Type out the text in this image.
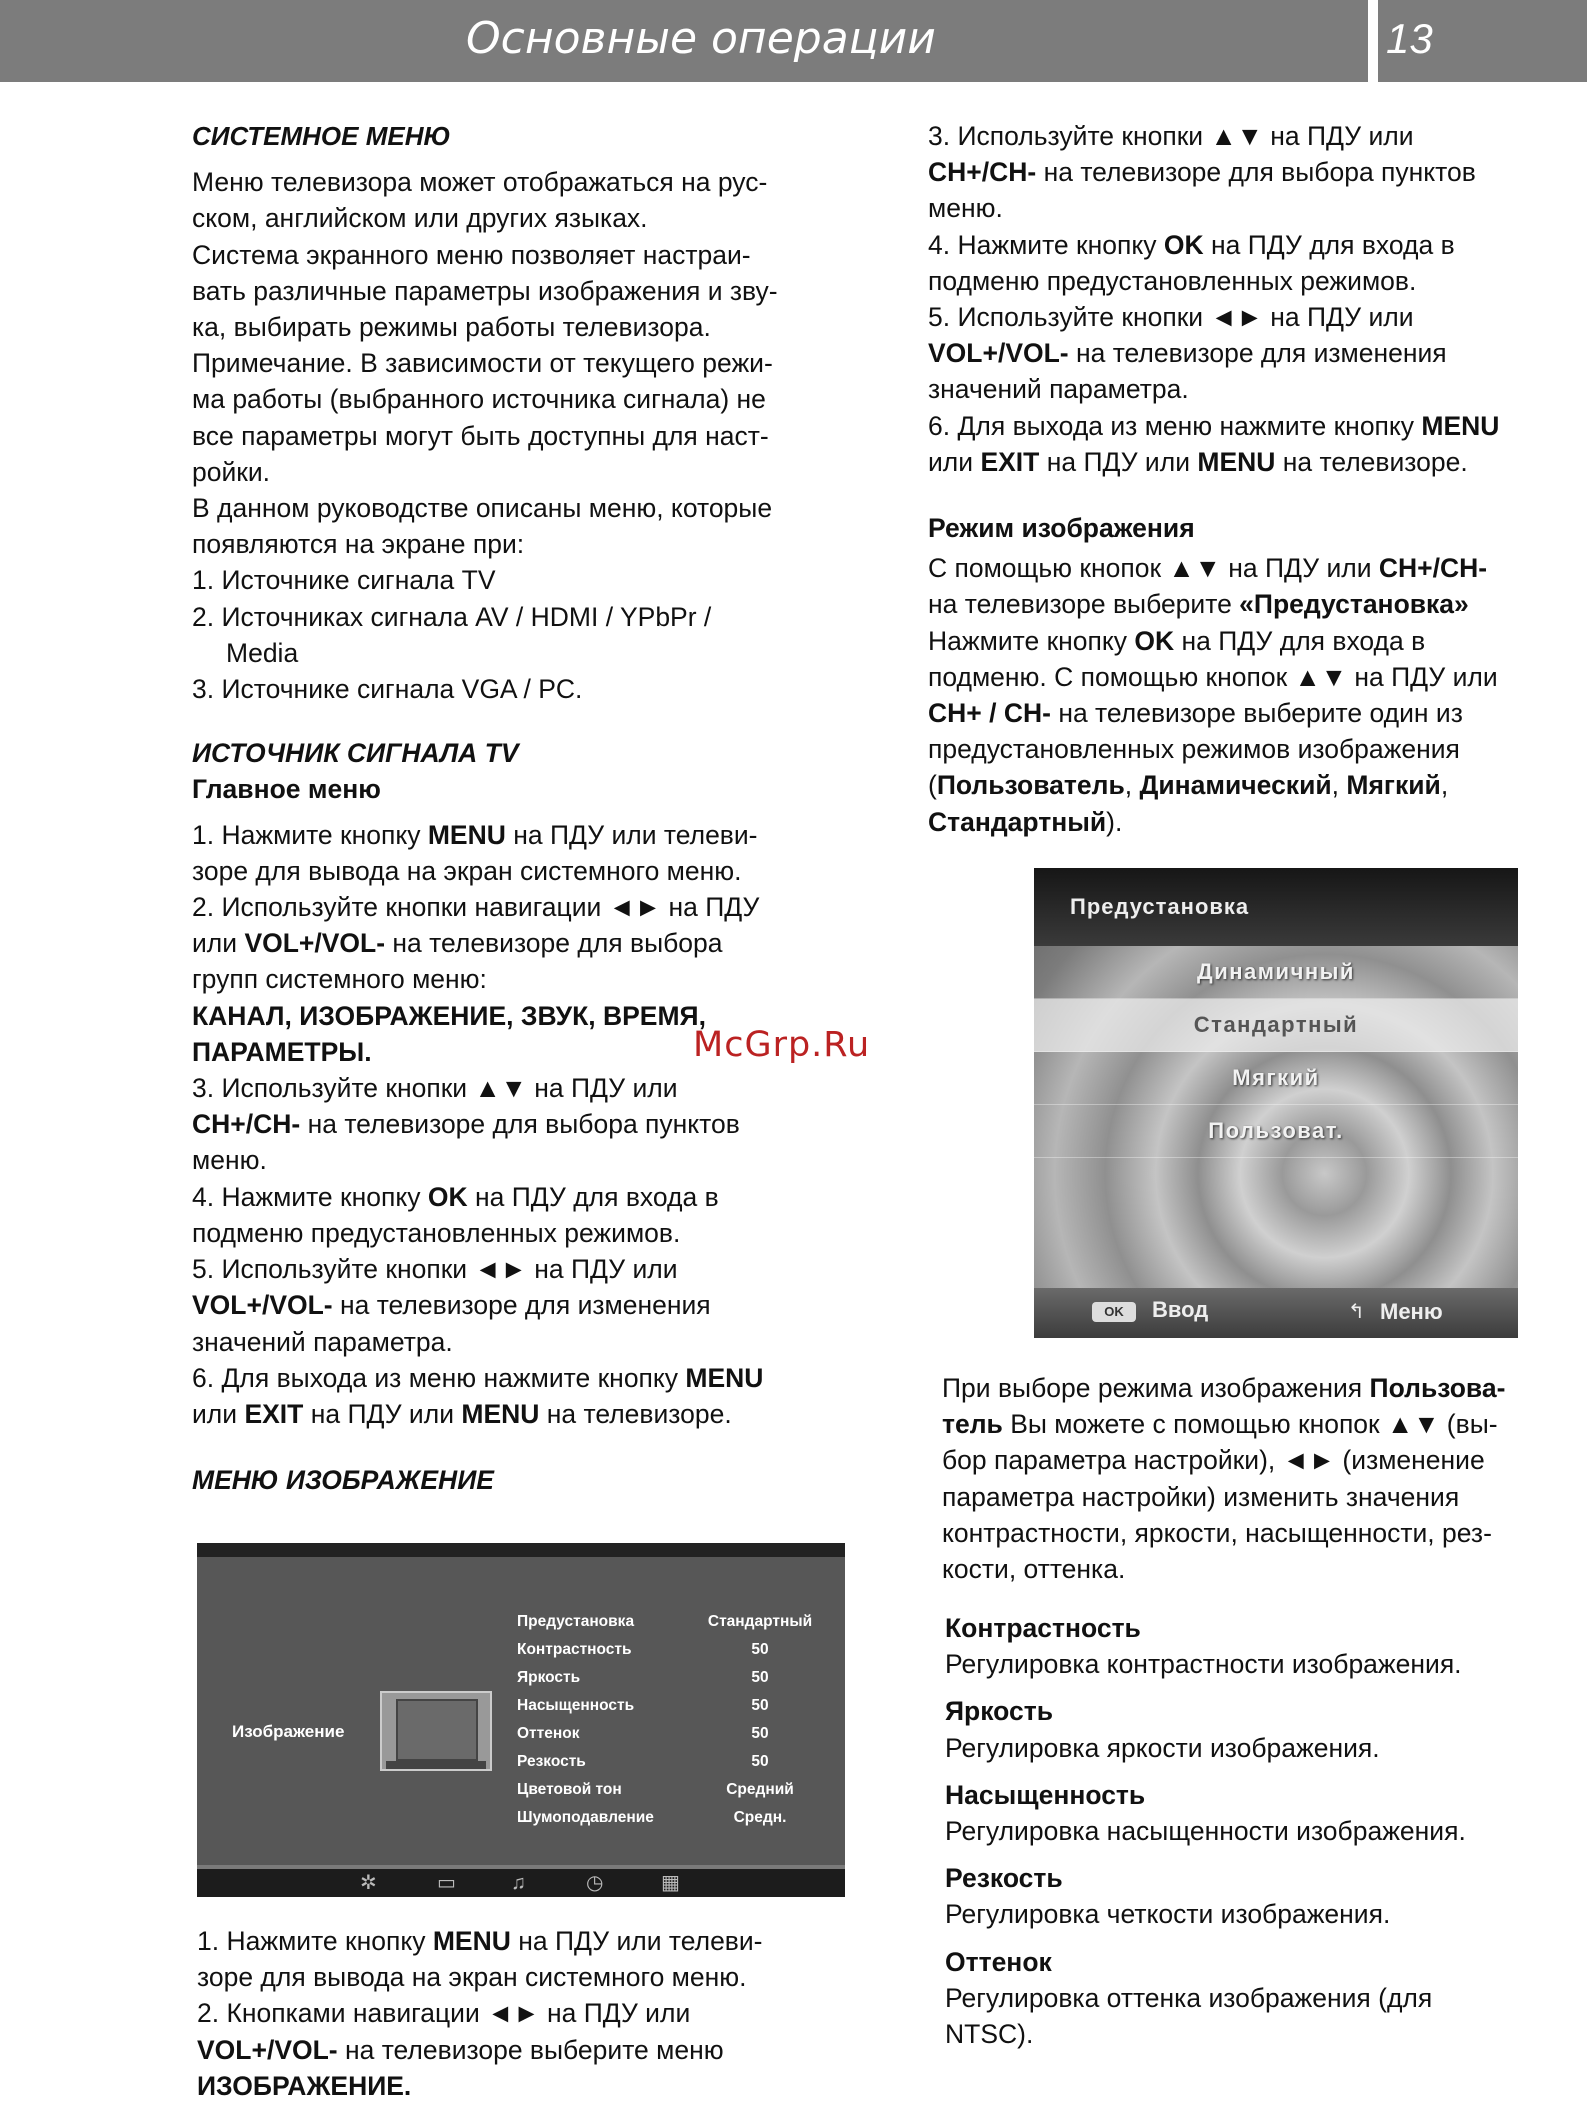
Основные операции	13

СИСТЕМНОЕ МЕНЮ

Меню телевизора может отображаться на рус-

ском, английском или других языках.

Система экранного меню позволяет настраи-

вать различные параметры изображения и зву-

ка, выбирать режимы работы телевизора.

Примечание. В зависимости от текущего режи-

ма работы (выбранного источника сигнала) не

все параметры могут быть доступны для наст-

ройки.

В данном руководстве описаны меню, которые

появляются на экране при:

1. Источнике сигнала TV

2. Источниках сигнала AV / HDMI / YPbPr /

Media

3. Источнике сигнала VGA / PC.

ИСТОЧНИК СИГНАЛА TV

Главное меню

1. Нажмите кнопку MENU на ПДУ или телеви-

зоре для вывода на экран системного меню.

2. Используйте кнопки навигации ◄► на ПДУ

или VOL+/VOL- на телевизоре для выбора

групп системного меню:

КАНАЛ, ИЗОБРАЖЕНИЕ, ЗВУК, ВРЕМЯ,

ПАРАМЕТРЫ.

3. Используйте кнопки ▲▼ на ПДУ или

CH+/CH- на телевизоре для выбора пунктов

меню.

4. Нажмите кнопку OK на ПДУ для входа в

подменю предустановленных режимов.

5. Используйте кнопки ◄► на ПДУ или

VOL+/VOL- на телевизоре для изменения

значений параметра.

6. Для выхода из меню нажмите кнопку MENU

или EXIT на ПДУ или MENU на телевизоре.

МЕНЮ ИЗОБРАЖЕНИЕ

McGrp.Ru
Изображение
Предустановка	Стандартный
Контрастность	50
Яркость	50
Насыщенность	50
Оттенок	50
Резкость	50
Цветовой тон	Средний
Шумоподавление	Средн.
✲	▭	♫	◷	▦

1. Нажмите кнопку MENU на ПДУ или телеви-

зоре для вывода на экран системного меню.

2. Кнопками навигации ◄► на ПДУ или

VOL+/VOL- на телевизоре выберите меню

ИЗОБРАЖЕНИЕ.

3. Используйте кнопки ▲▼ на ПДУ или

CH+/CH- на телевизоре для выбора пунктов

меню.

4. Нажмите кнопку OK на ПДУ для входа в

подменю предустановленных режимов.

5. Используйте кнопки ◄► на ПДУ или

VOL+/VOL- на телевизоре для изменения

значений параметра.

6. Для выхода из меню нажмите кнопку MENU

или EXIT на ПДУ или MENU на телевизоре.

Режим изображения

С помощью кнопок ▲▼ на ПДУ или CH+/CH-

на телевизоре выберите «Предустановка»

Нажмите кнопку OK на ПДУ для входа в

подменю. С помощью кнопок ▲▼ на ПДУ или

CH+ / CH- на телевизоре выберите один из

предустановленных режимов изображения

(Пользователь, Динамический, Мягкий,

Стандартный).

Предустановка
Динамичный
Стандартный
Мягкий
Пользоват.
OK	Ввод	↰ Меню

При выборе режима изображения Пользова-

тель Вы можете с помощью кнопок ▲▼ (вы-

бор параметра настройки), ◄► (изменение

параметра настройки) изменить значения

контрастности, яркости, насыщенности, рез-

кости, оттенка.

Контрастность

Регулировка контрастности изображения.

Яркость

Регулировка яркости изображения.

Насыщенность

Регулировка насыщенности изображения.

Резкость

Регулировка четкости изображения.

Оттенок

Регулировка оттенка изображения (для

NTSC).
